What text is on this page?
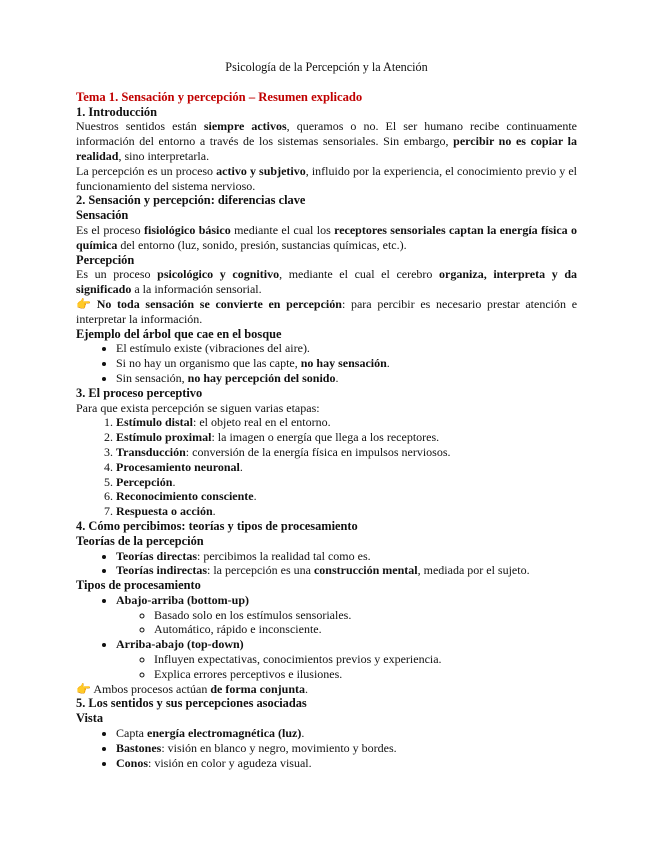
Psicología de la Percepción y la Atención
Tema 1. Sensación y percepción – Resumen explicado
1. Introducción

Nuestros sentidos están siempre activos, queramos o no. El ser humano recibe continuamente información del entorno a través de los sistemas sensoriales. Sin embargo, percibir no es copiar la realidad, sino interpretarla.

La percepción es un proceso activo y subjetivo, influido por la experiencia, el conocimiento previo y el funcionamiento del sistema nervioso.

2. Sensación y percepción: diferencias clave
Sensación

Es el proceso fisiológico básico mediante el cual los receptores sensoriales captan la energía física o química del entorno (luz, sonido, presión, sustancias químicas, etc.).

Percepción

Es un proceso psicológico y cognitivo, mediante el cual el cerebro organiza, interpreta y da significado a la información sensorial.

👉 No toda sensación se convierte en percepción: para percibir es necesario prestar atención e interpretar la información.

Ejemplo del árbol que cae en el bosque
• El estímulo existe (vibraciones del aire).
• Si no hay un organismo que las capte, no hay sensación.
• Sin sensación, no hay percepción del sonido.
3. El proceso perceptivo

Para que exista percepción se siguen varias etapas:

1. Estímulo distal: el objeto real en el entorno.
2. Estímulo proximal: la imagen o energía que llega a los receptores.
3. Transducción: conversión de la energía física en impulsos nerviosos.
4. Procesamiento neuronal.
5. Percepción.
6. Reconocimiento consciente.
7. Respuesta o acción.
4. Cómo percibimos: teorías y tipos de procesamiento
Teorías de la percepción
• Teorías directas: percibimos la realidad tal como es.
• Teorías indirectas: la percepción es una construcción mental, mediada por el sujeto.
Tipos de procesamiento
• Abajo-arriba (bottom-up)
◦ Basado solo en los estímulos sensoriales.
◦ Automático, rápido e inconsciente.
• Arriba-abajo (top-down)
◦ Influyen expectativas, conocimientos previos y experiencia.
◦ Explica errores perceptivos e ilusiones.

👉 Ambos procesos actúan de forma conjunta.

5. Los sentidos y sus percepciones asociadas
Vista
• Capta energía electromagnética (luz).
• Bastones: visión en blanco y negro, movimiento y bordes.
• Conos: visión en color y agudeza visual.
